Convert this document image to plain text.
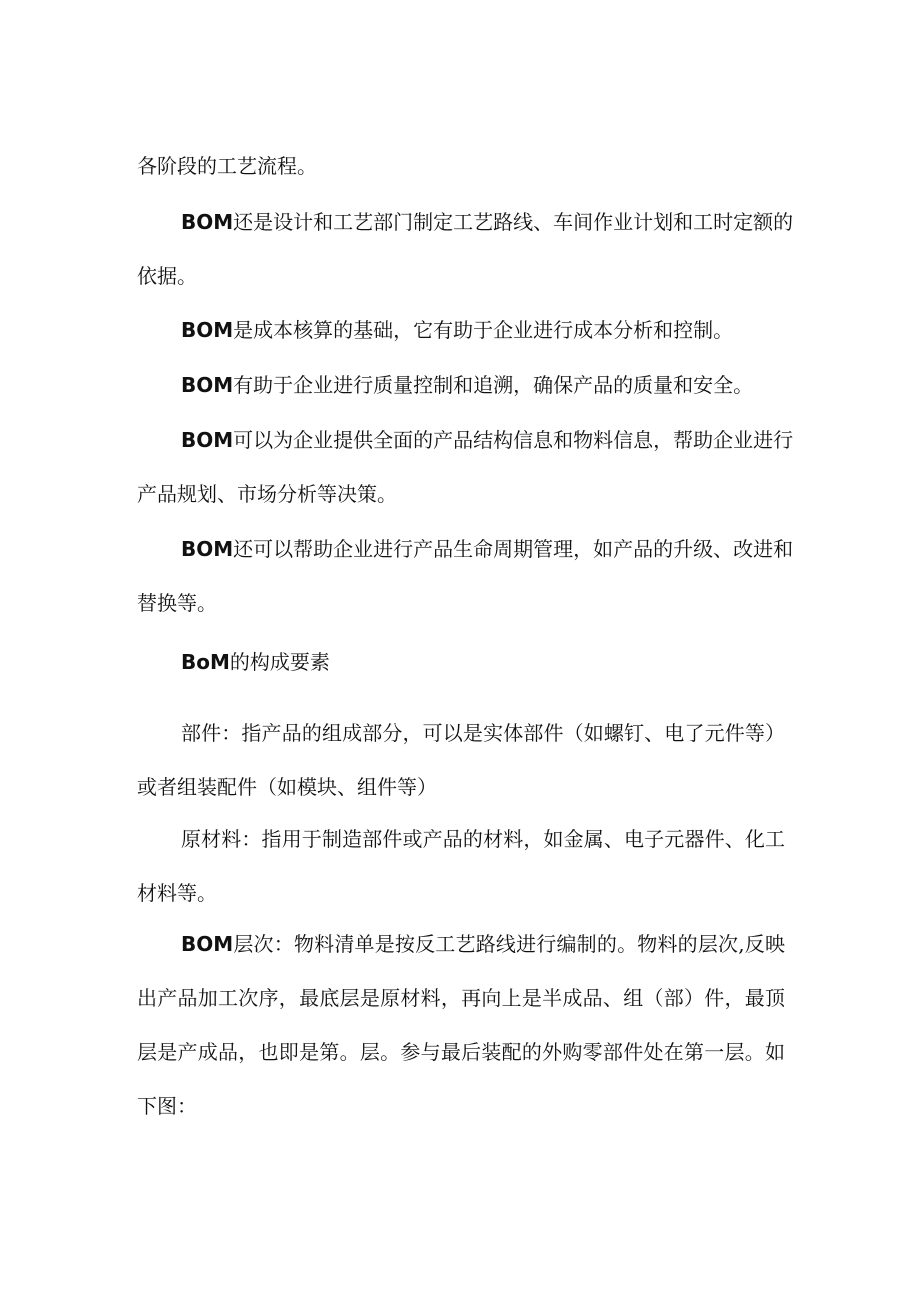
各阶段的工艺流程。

BOM还是设计和工艺部门制定工艺路线、车间作业计划和工时定额的
依据。

BOM是成本核算的基础，它有助于企业进行成本分析和控制。

BOM有助于企业进行质量控制和追溯，确保产品的质量和安全。

BOM可以为企业提供全面的产品结构信息和物料信息，帮助企业进行
产品规划、市场分析等决策。

BOM还可以帮助企业进行产品生命周期管理，如产品的升级、改进和
替换等。

BoM的构成要素

部件：指产品的组成部分，可以是实体部件（如螺钉、电了元件等）
或者组装配件（如模块、组件等）

原材料：指用于制造部件或产品的材料，如金属、电子元器件、化工
材料等。

BOM层次：物料清单是按反工艺路线进行编制的。物料的层次,反映
出产品加工次序，最底层是原材料，再向上是半成品、组（部）件，最顶
层是产成品，也即是第。层。参与最后装配的外购零部件处在第一层。如
下图：
